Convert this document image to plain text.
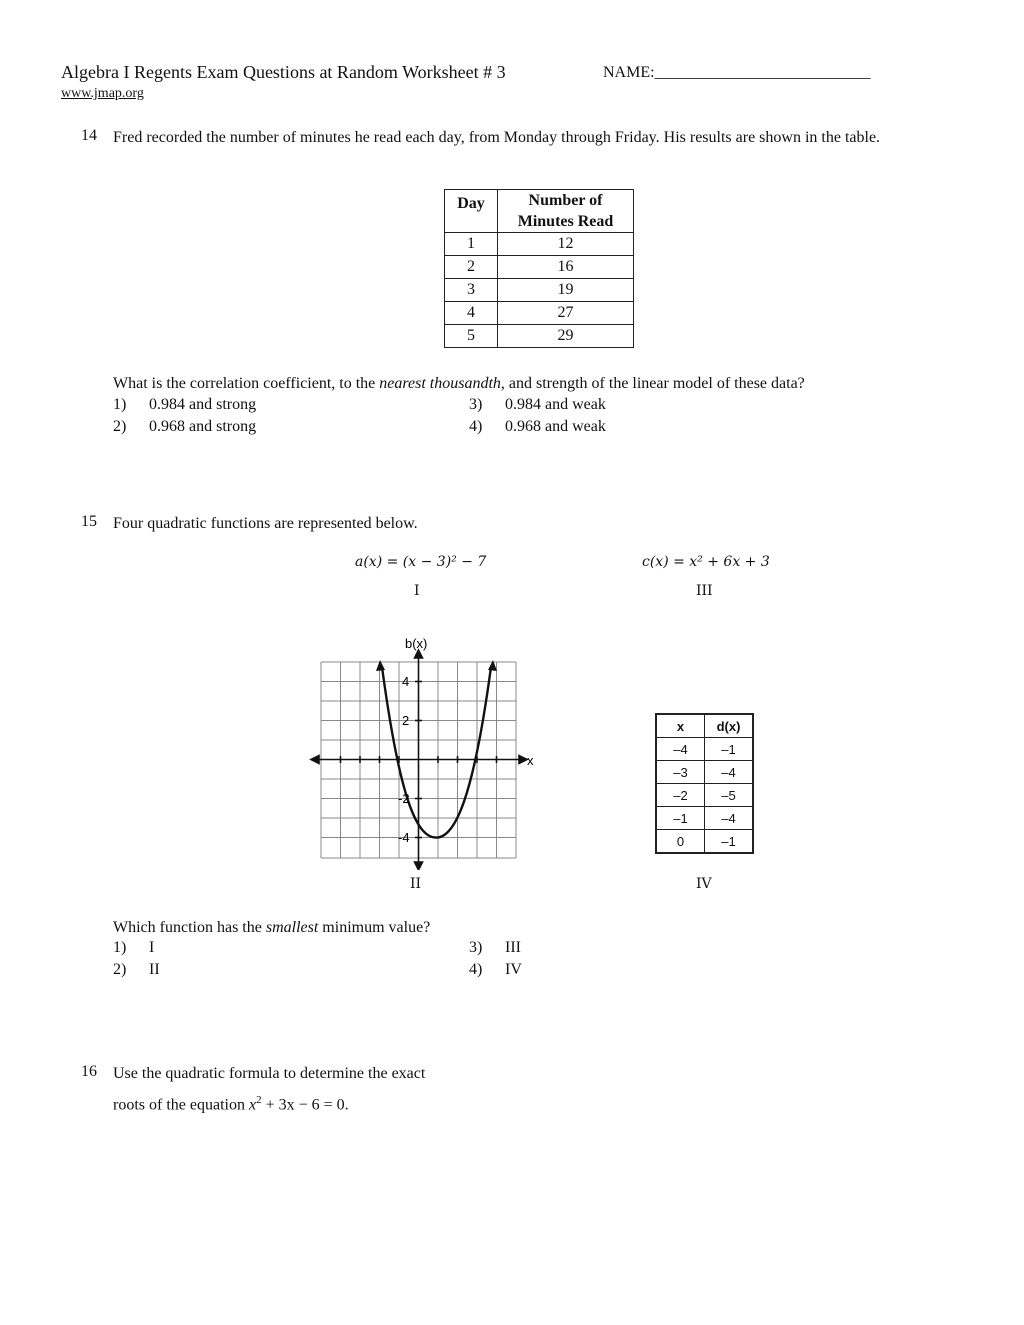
Algebra I Regents Exam Questions at Random Worksheet # 3	NAME:___________________________
www.jmap.org
14 Fred recorded the number of minutes he read each day, from Monday through Friday. His results are shown in the table.
Day	Number of
Minutes Read

1	12
2	16
3	19
4	27
5	29
What is the correlation coefficient, to the nearest thousandth, and strength of the linear model of these data?
1) 0.984 and strong
2) 0.968 and strong
3) 0.984 and weak
4) 0.968 and weak
15 Four quadratic functions are represented below.
a(x) = (x − 3)² − 7
I
c(x) = x² + 6x + 3
III
b(x)
x
4
2
-2
-4
II
x	d(x)
–4	–1
–3	–4
–2	–5
–1	–4
0	–1
IV
Which function has the smallest minimum value?
1) I
2) II
3) III
4) IV
16 Use the quadratic formula to determine the exact
roots of the equation $x^2 + 3x - 6 = 0$.
